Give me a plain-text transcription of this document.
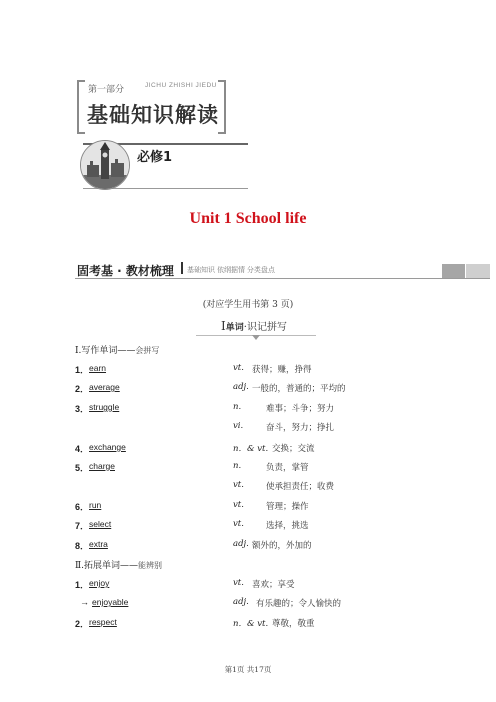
第一部分	JICHU ZHISHI JIEDU
基础知识解读
必修1
Unit 1 School life
固考基 · 教材梳理 基础知识 依纲据情 分类盘点
(对应学生用书第 3 页)
Ⅰ单词·识记拼写
Ⅰ.写作单词——会拼写
1． earn	vt. 获得；赚，挣得
2． average	adj. 一般的，普通的；平均的
3． struggle	n.	难事；斗争；努力
vi.	奋斗，努力；挣扎
4． exchange	n．& vt. 交换；交流
5． charge	n.	负责，掌管
vt.	使承担责任；收费
6． run	vt.	管理；操作
7． select	vt.	选择，挑选
8． extra	adj. 额外的，外加的
Ⅱ.拓展单词——能辨别
1． enjoy	vt. 喜欢；享受
→ enjoyable	adj. 有乐趣的；令人愉快的
2． respect	n．& vt. 尊敬，敬重
第1页 共17页
